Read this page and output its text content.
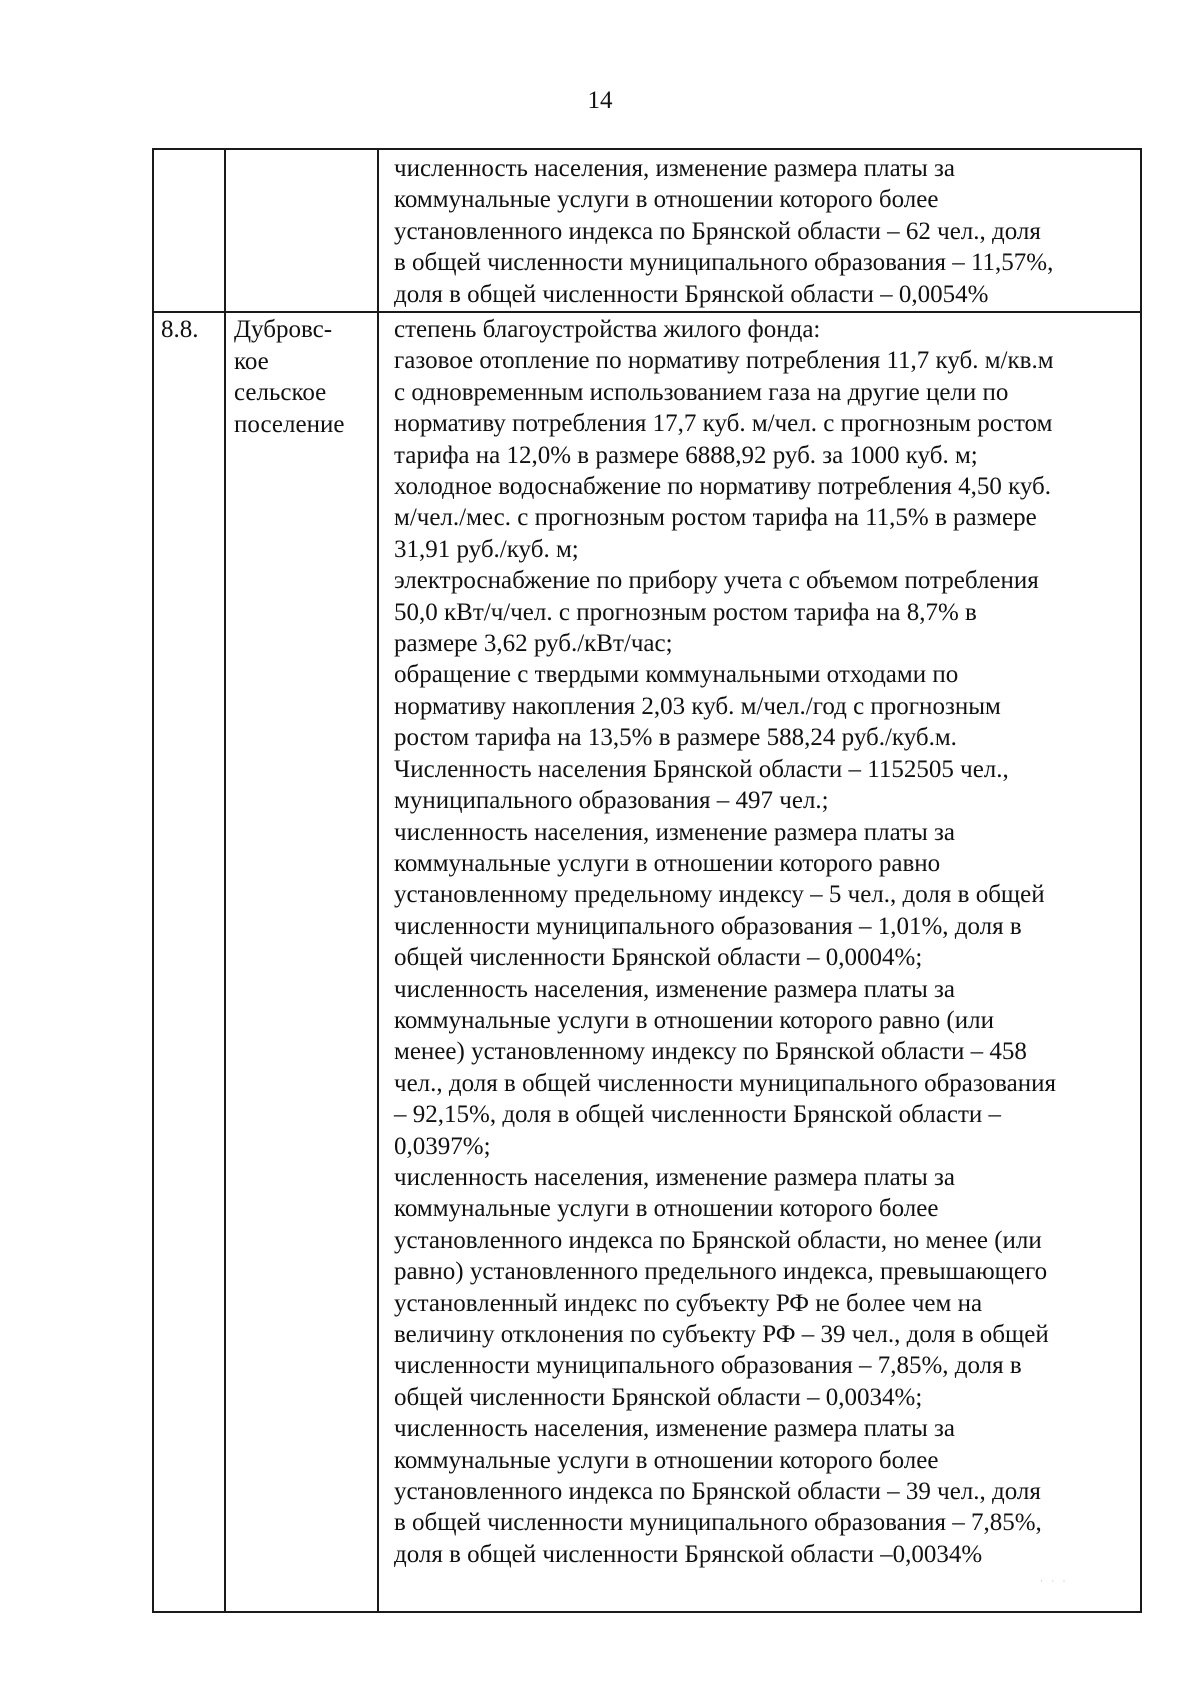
14
численность населения, изменение размера платы за
коммунальные услуги в отношении которого более
установленного индекса по Брянской области – 62 чел., доля
в общей численности муниципального образования – 11,57%,
доля в общей численности Брянской области – 0,0054%
8.8. Дубровс-
кое
сельское
поселение
степень благоустройства жилого фонда:
газовое отопление по нормативу потребления 11,7 куб. м/кв.м
с одновременным использованием газа на другие цели по
нормативу потребления 17,7 куб. м/чел. с прогнозным ростом
тарифа на 12,0% в размере 6888,92 руб. за 1000 куб. м;
холодное водоснабжение по нормативу потребления 4,50 куб.
м/чел./мес. с прогнозным ростом тарифа на 11,5% в размере
31,91 руб./куб. м;
электроснабжение по прибору учета с объемом потребления
50,0 кВт/ч/чел. с прогнозным ростом тарифа на 8,7% в
размере 3,62 руб./кВт/час;
обращение с твердыми коммунальными отходами по
нормативу накопления 2,03 куб. м/чел./год с прогнозным
ростом тарифа на 13,5% в размере 588,24 руб./куб.м.
Численность населения Брянской области – 1152505 чел.,
муниципального образования – 497 чел.;
численность населения, изменение размера платы за
коммунальные услуги в отношении которого равно
установленному предельному индексу – 5 чел., доля в общей
численности муниципального образования – 1,01%, доля в
общей численности Брянской области – 0,0004%;
численность населения, изменение размера платы за
коммунальные услуги в отношении которого равно (или
менее) установленному индексу по Брянской области – 458
чел., доля в общей численности муниципального образования
– 92,15%, доля в общей численности Брянской области –
0,0397%;
численность населения, изменение размера платы за
коммунальные услуги в отношении которого более
установленного индекса по Брянской области, но менее (или
равно) установленного предельного индекса, превышающего
установленный индекс по субъекту РФ не более чем на
величину отклонения по субъекту РФ – 39 чел., доля в общей
численности муниципального образования – 7,85%, доля в
общей численности Брянской области – 0,0034%;
численность населения, изменение размера платы за
коммунальные услуги в отношении которого более
установленного индекса по Брянской области – 39 чел., доля
в общей численности муниципального образования – 7,85%,
доля в общей численности Брянской области –0,0034%
· · ·
